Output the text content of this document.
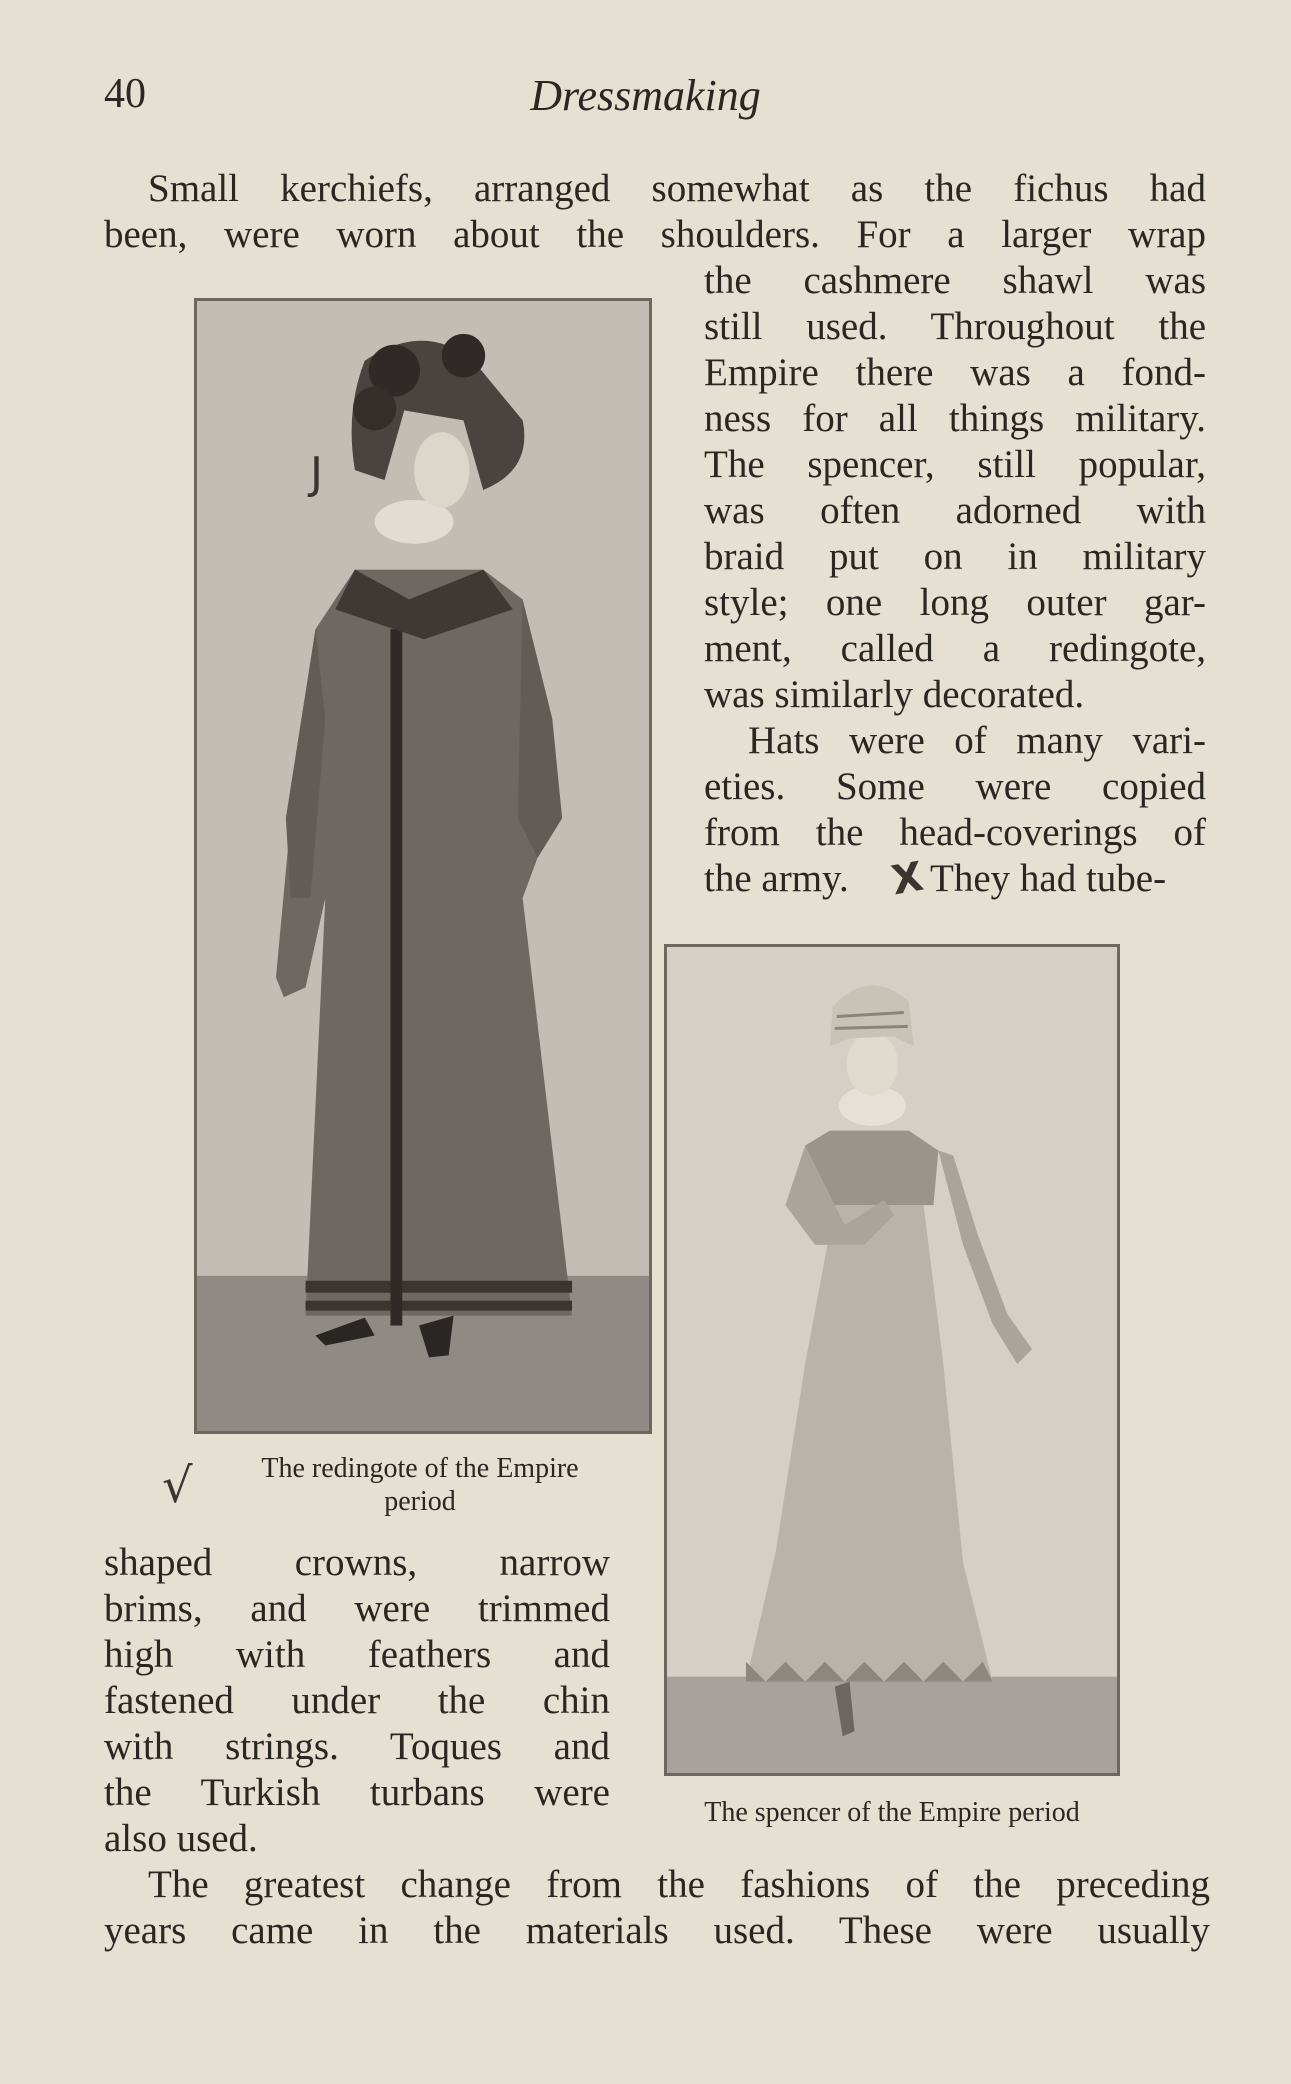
40	Dressmaking
Small kerchiefs, arranged somewhat as the fichus had
been, were worn about the shoulders. For a larger wrap
the cashmere shawl was
still used. Throughout the
Empire there was a fond-
ness for all things military.
The spencer, still popular,
was often adorned with
braid put on in military
style; one long outer gar-
ment, called a redingote,
was similarly decorated.
Hats were of many vari-
eties. Some were copied
from the head-coverings of
the army. X They had tube-
shaped crowns, narrow
brims, and were trimmed
high with feathers and
fastened under the chin
with strings. Toques and
the Turkish turbans were
also used.
The greatest change from the fashions of the preceding
years came in the materials used. These were usually
J
√	The redingote of the Empire
period
The spencer of the Empire period
